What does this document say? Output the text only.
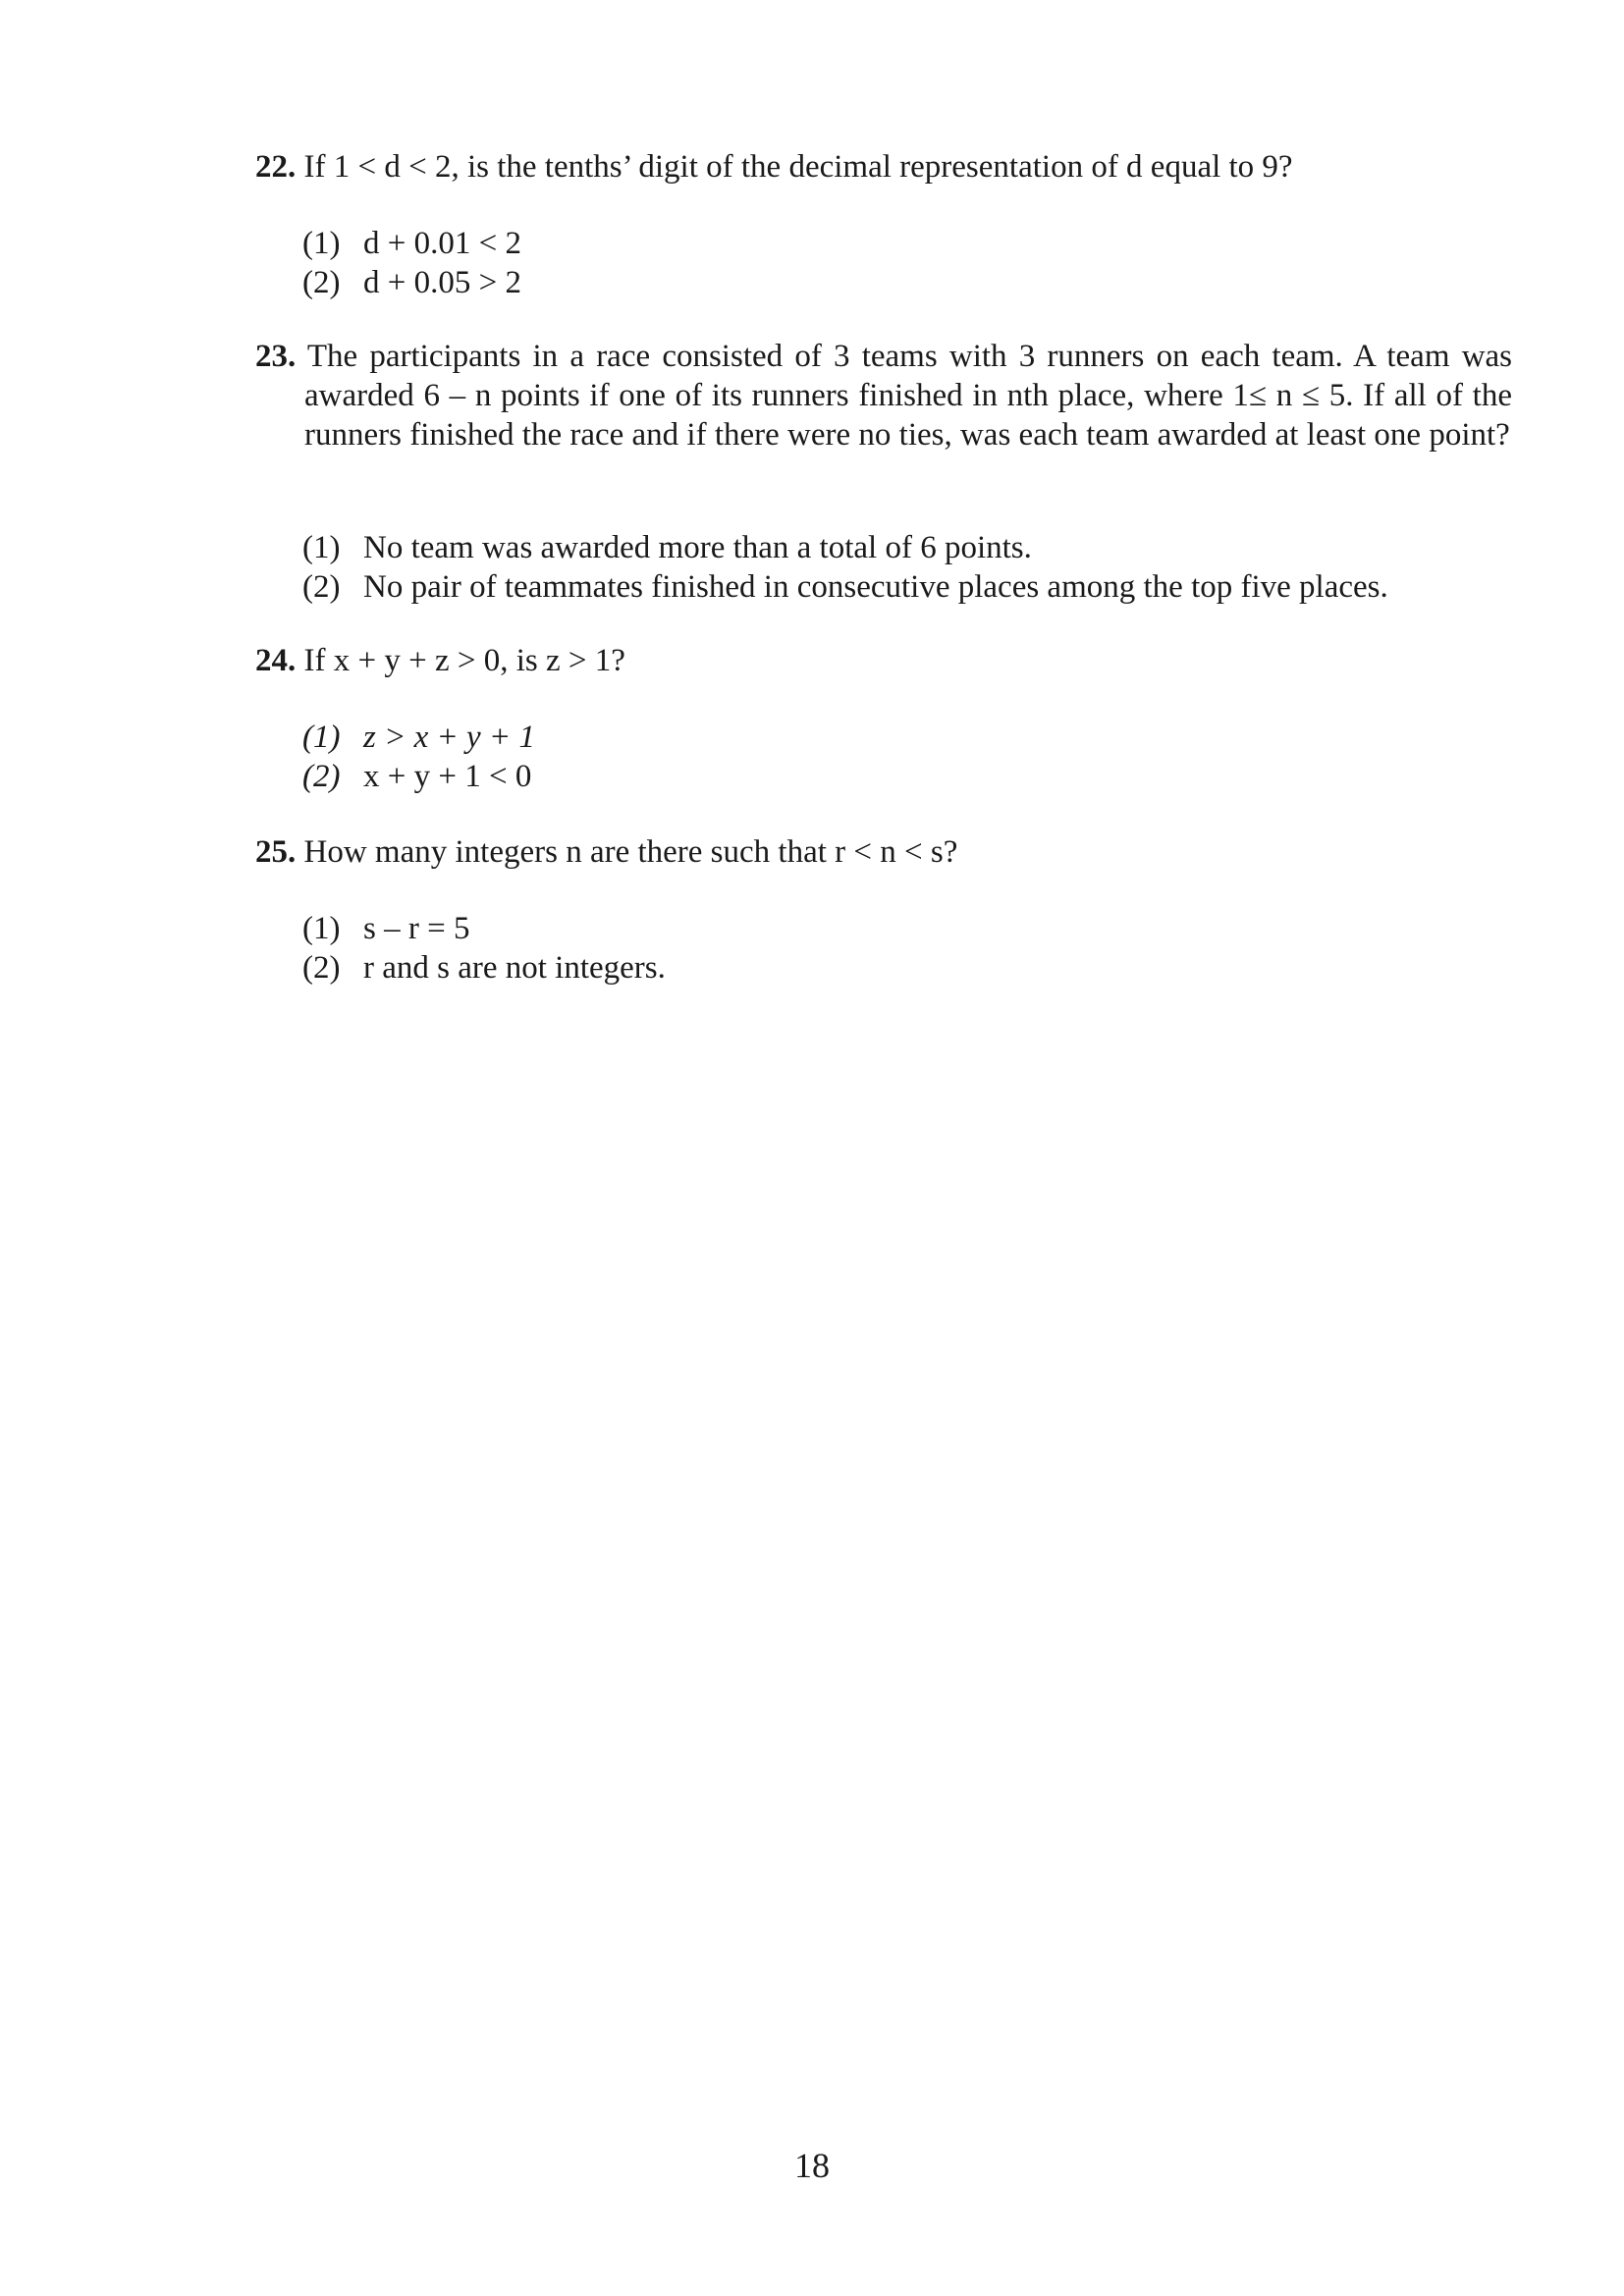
22. If 1 < d < 2, is the tenths’ digit of the decimal representation of d equal to 9?

(1) d + 0.01 < 2
(2) d + 0.05 > 2

23. The participants in a race consisted of 3 teams with 3 runners on each team. A team was awarded 6 – n points if one of its runners finished in nth place, where 1≤ n ≤ 5. If all of the runners finished the race and if there were no ties, was each team awarded at least one point?

(1) No team was awarded more than a total of 6 points.
(2) No pair of teammates finished in consecutive places among the top five places.

24. If x + y + z > 0, is z > 1?

(1) z > x + y + 1
(2) x + y + 1 < 0

25. How many integers n are there such that r < n < s?

(1) s – r = 5
(2) r and s are not integers.
18
